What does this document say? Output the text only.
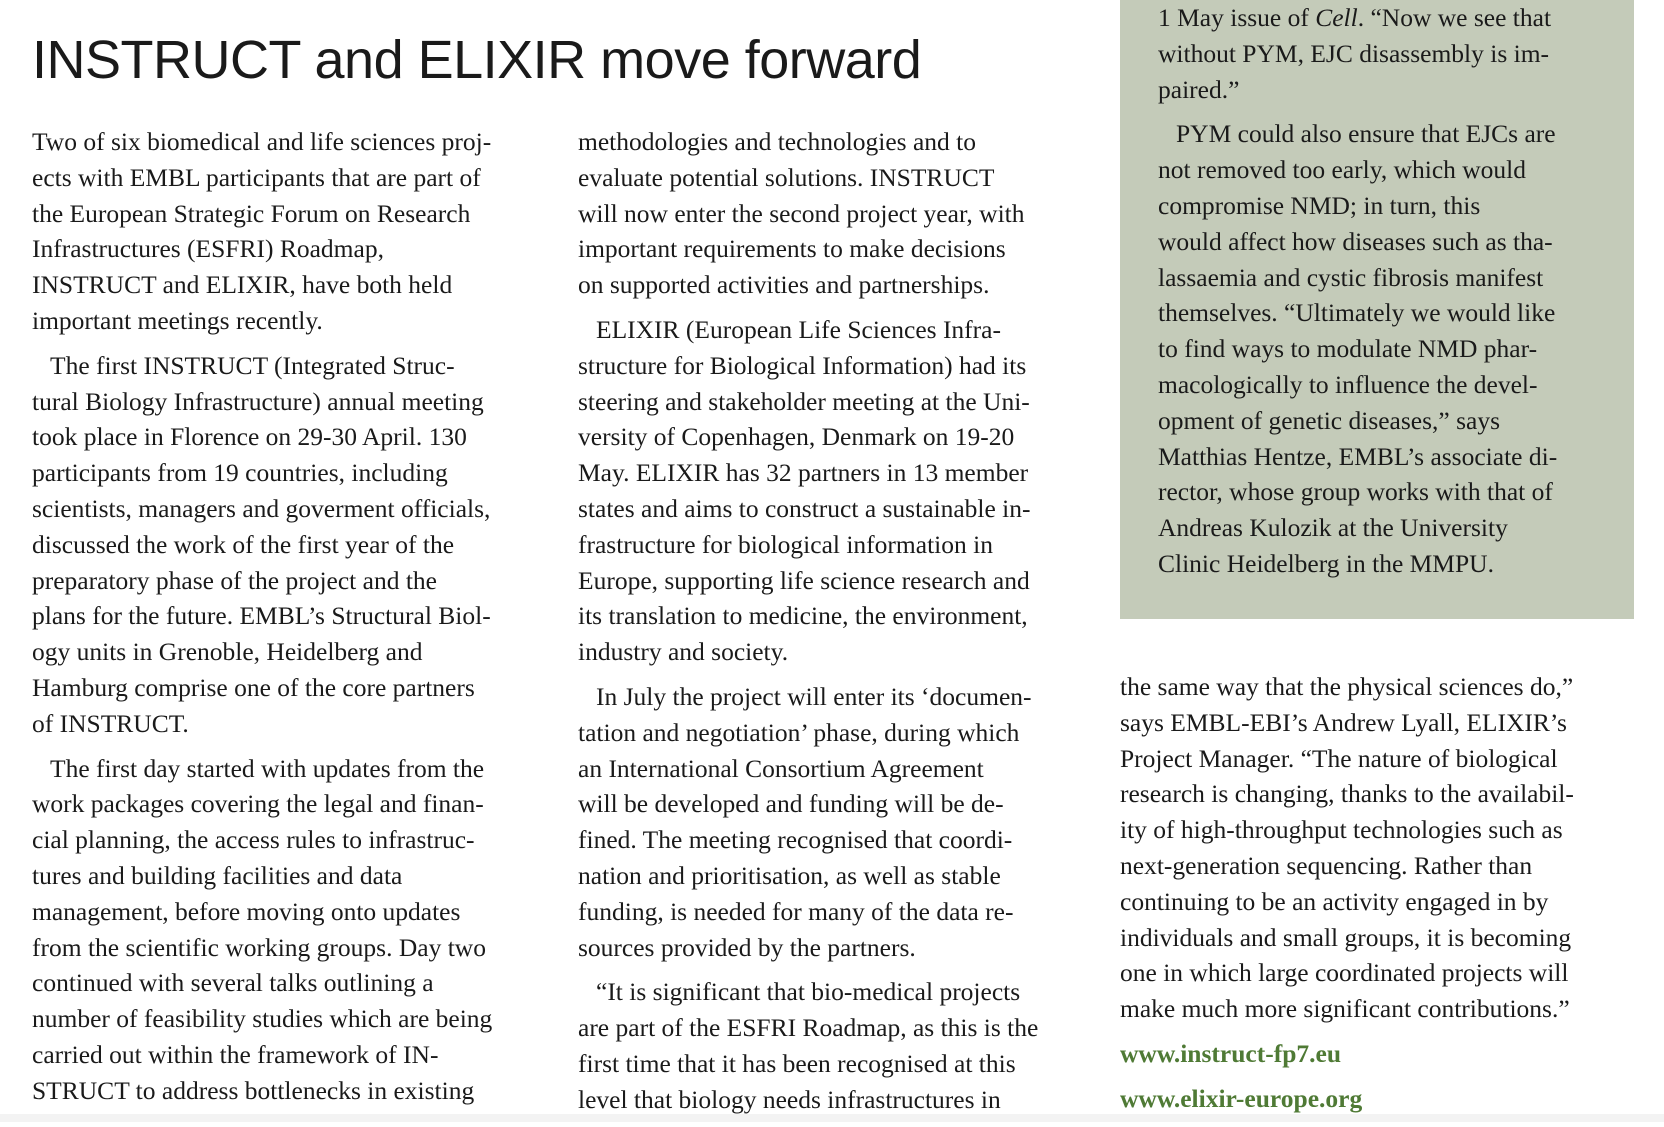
INSTRUCT and ELIXIR move forward

Two of six biomedical and life sciences proj-
ects with EMBL participants that are part of
the European Strategic Forum on Research
Infrastructures (ESFRI) Roadmap,
INSTRUCT and ELIXIR, have both held
important meetings recently.

The first INSTRUCT (Integrated Struc-
tural Biology Infrastructure) annual meeting
took place in Florence on 29-30 April. 130
participants from 19 countries, including
scientists, managers and goverment officials,
discussed the work of the first year of the
preparatory phase of the project and the
plans for the future. EMBL’s Structural Biol-
ogy units in Grenoble, Heidelberg and
Hamburg comprise one of the core partners
of INSTRUCT.

The first day started with updates from the
work packages covering the legal and finan-
cial planning, the access rules to infrastruc-
tures and building facilities and data
management, before moving onto updates
from the scientific working groups. Day two
continued with several talks outlining a
number of feasibility studies which are being
carried out within the framework of IN-
STRUCT to address bottlenecks in existing

methodologies and technologies and to
evaluate potential solutions. INSTRUCT
will now enter the second project year, with
important requirements to make decisions
on supported activities and partnerships.

ELIXIR (European Life Sciences Infra-
structure for Biological Information) had its
steering and stakeholder meeting at the Uni-
versity of Copenhagen, Denmark on 19-20
May. ELIXIR has 32 partners in 13 member
states and aims to construct a sustainable in-
frastructure for biological information in
Europe, supporting life science research and
its translation to medicine, the environment,
industry and society.

In July the project will enter its ‘documen-
tation and negotiation’ phase, during which
an International Consortium Agreement
will be developed and funding will be de-
fined. The meeting recognised that coordi-
nation and prioritisation, as well as stable
funding, is needed for many of the data re-
sources provided by the partners.

“It is significant that bio-medical projects
are part of the ESFRI Roadmap, as this is the
first time that it has been recognised at this
level that biology needs infrastructures in

1 May issue of Cell. “Now we see that
without PYM, EJC disassembly is im-
paired.”

PYM could also ensure that EJCs are
not removed too early, which would
compromise NMD; in turn, this
would affect how diseases such as tha-
lassaemia and cystic fibrosis manifest
themselves. “Ultimately we would like
to find ways to modulate NMD phar-
macologically to influence the devel-
opment of genetic diseases,” says
Matthias Hentze, EMBL’s associate di-
rector, whose group works with that of
Andreas Kulozik at the University
Clinic Heidelberg in the MMPU.

the same way that the physical sciences do,”
says EMBL-EBI’s Andrew Lyall, ELIXIR’s
Project Manager. “The nature of biological
research is changing, thanks to the availabil-
ity of high-throughput technologies such as
next-generation sequencing. Rather than
continuing to be an activity engaged in by
individuals and small groups, it is becoming
one in which large coordinated projects will
make much more significant contributions.”

www.instruct-fp7.eu
www.elixir-europe.org
